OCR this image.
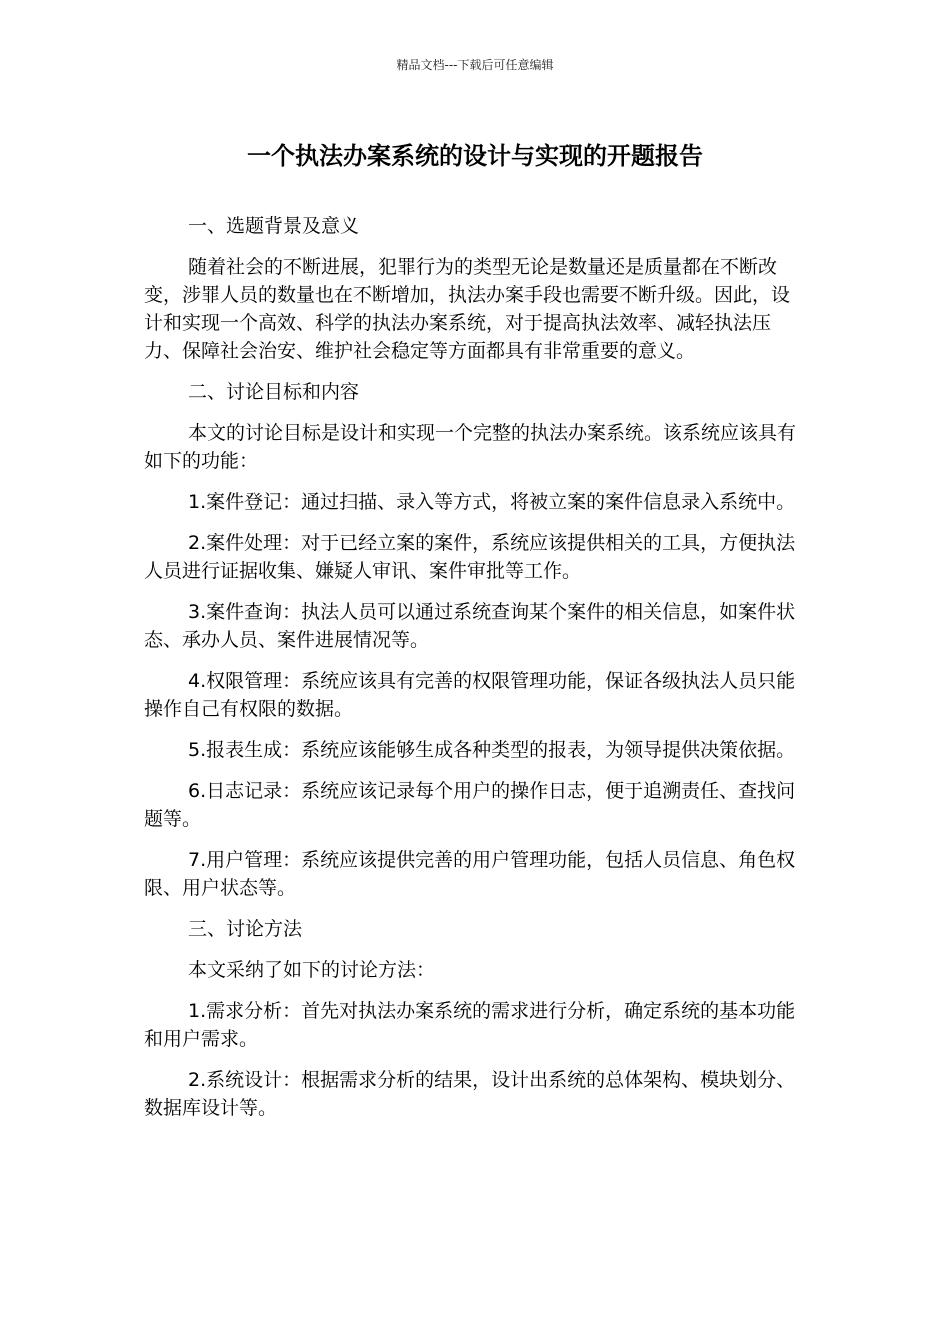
精品文档---下载后可任意编辑
一个执法办案系统的设计与实现的开题报告

一、选题背景及意义

随着社会的不断进展，犯罪行为的类型无论是数量还是质量都在不断改变，涉罪人员的数量也在不断增加，执法办案手段也需要不断升级。因此，设计和实现一个高效、科学的执法办案系统，对于提高执法效率、减轻执法压力、保障社会治安、维护社会稳定等方面都具有非常重要的意义。

二、讨论目标和内容

本文的讨论目标是设计和实现一个完整的执法办案系统。该系统应该具有如下的功能：

1.案件登记：通过扫描、录入等方式，将被立案的案件信息录入系统中。

2.案件处理：对于已经立案的案件，系统应该提供相关的工具，方便执法人员进行证据收集、嫌疑人审讯、案件审批等工作。

3.案件查询：执法人员可以通过系统查询某个案件的相关信息，如案件状态、承办人员、案件进展情况等。

4.权限管理：系统应该具有完善的权限管理功能，保证各级执法人员只能操作自己有权限的数据。

5.报表生成：系统应该能够生成各种类型的报表，为领导提供决策依据。

6.日志记录：系统应该记录每个用户的操作日志，便于追溯责任、查找问题等。

7.用户管理：系统应该提供完善的用户管理功能，包括人员信息、角色权限、用户状态等。

三、讨论方法

本文采纳了如下的讨论方法：

1.需求分析：首先对执法办案系统的需求进行分析，确定系统的基本功能和用户需求。

2.系统设计：根据需求分析的结果，设计出系统的总体架构、模块划分、数据库设计等。
